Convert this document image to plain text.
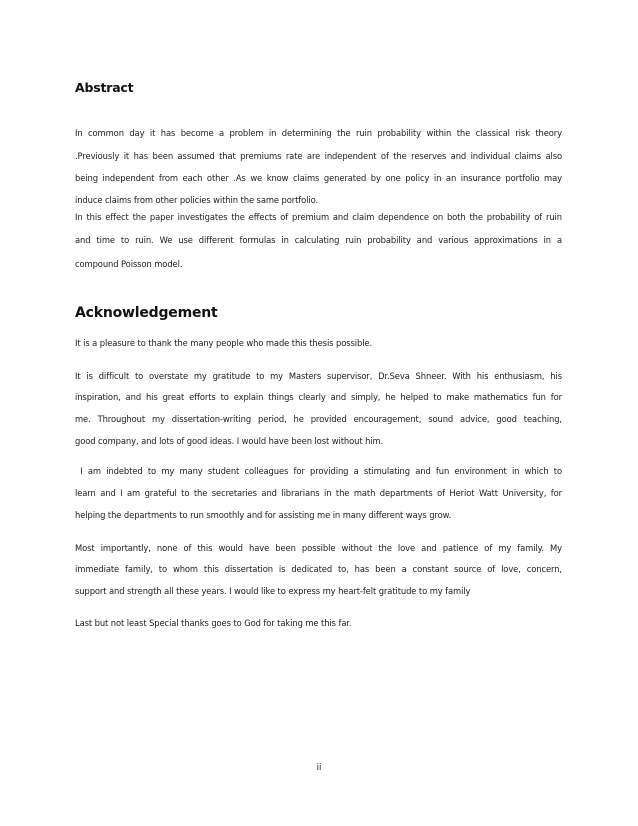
Abstract

In common day it has become a problem in determining the ruin probability within the classical risk theory

.Previously it has been assumed that premiums rate are independent of the reserves and individual claims also

being independent from each other .As we know claims generated by one policy in an insurance portfolio may

induce claims from other policies within the same portfolio.

In this effect the paper investigates the effects of premium and claim dependence on both the probability of ruin

and time to ruin. We use different formulas in calculating ruin probability and various approximations in a

compound Poisson model.

Acknowledgement

It is a pleasure to thank the many people who made this thesis possible.

It is difficult to overstate my gratitude to my Masters supervisor, Dr.Seva Shneer. With his enthusiasm, his

inspiration, and his great efforts to explain things clearly and simply, he helped to make mathematics fun for

me. Throughout my dissertation-writing period, he provided encouragement, sound advice, good teaching,

good company, and lots of good ideas. I would have been lost without him.

I am indebted to my many student colleagues for providing a stimulating and fun environment in which to

learn and I am grateful to the secretaries and librarians in the math departments of Heriot Watt University, for

helping the departments to run smoothly and for assisting me in many different ways grow.

Most importantly, none of this would have been possible without the love and patience of my family. My

immediate family, to whom this dissertation is dedicated to, has been a constant source of love, concern,

support and strength all these years. I would like to express my heart-felt gratitude to my family

Last but not least Special thanks goes to God for taking me this far.

ii
